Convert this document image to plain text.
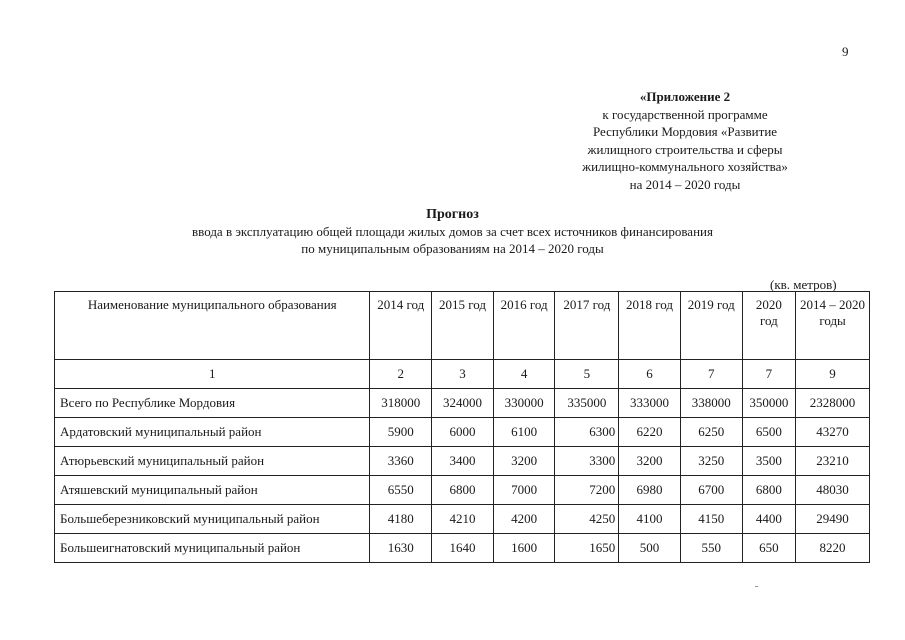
9
«Приложение 2
к государственной программе
Республики Мордовия «Развитие
жилищного строительства и сферы
жилищно-коммунального хозяйства»
на 2014 – 2020 годы
Прогноз
ввода в эксплуатацию общей площади жилых домов за счет всех источников финансирования
по муниципальным образованиям на 2014 – 2020 годы
(кв. метров)
Наименование муниципального образования	2014 год	2015 год	2016 год	2017 год	2018 год	2019 год	2020 год	2014 – 2020 годы
1	2	3	4	5	6	7	7	9
Всего по Республике Мордовия	318000	324000	330000	335000	333000	338000	350000	2328000
Ардатовский муниципальный район	5900	6000	6100	6300	6220	6250	6500	43270
Атюрьевский муниципальный район	3360	3400	3200	3300	3200	3250	3500	23210
Атяшевский муниципальный район	6550	6800	7000	7200	6980	6700	6800	48030
Большеберезниковский муниципальный район	4180	4210	4200	4250	4100	4150	4400	29490
Большеигнатовский муниципальный район	1630	1640	1600	1650	500	550	650	8220
